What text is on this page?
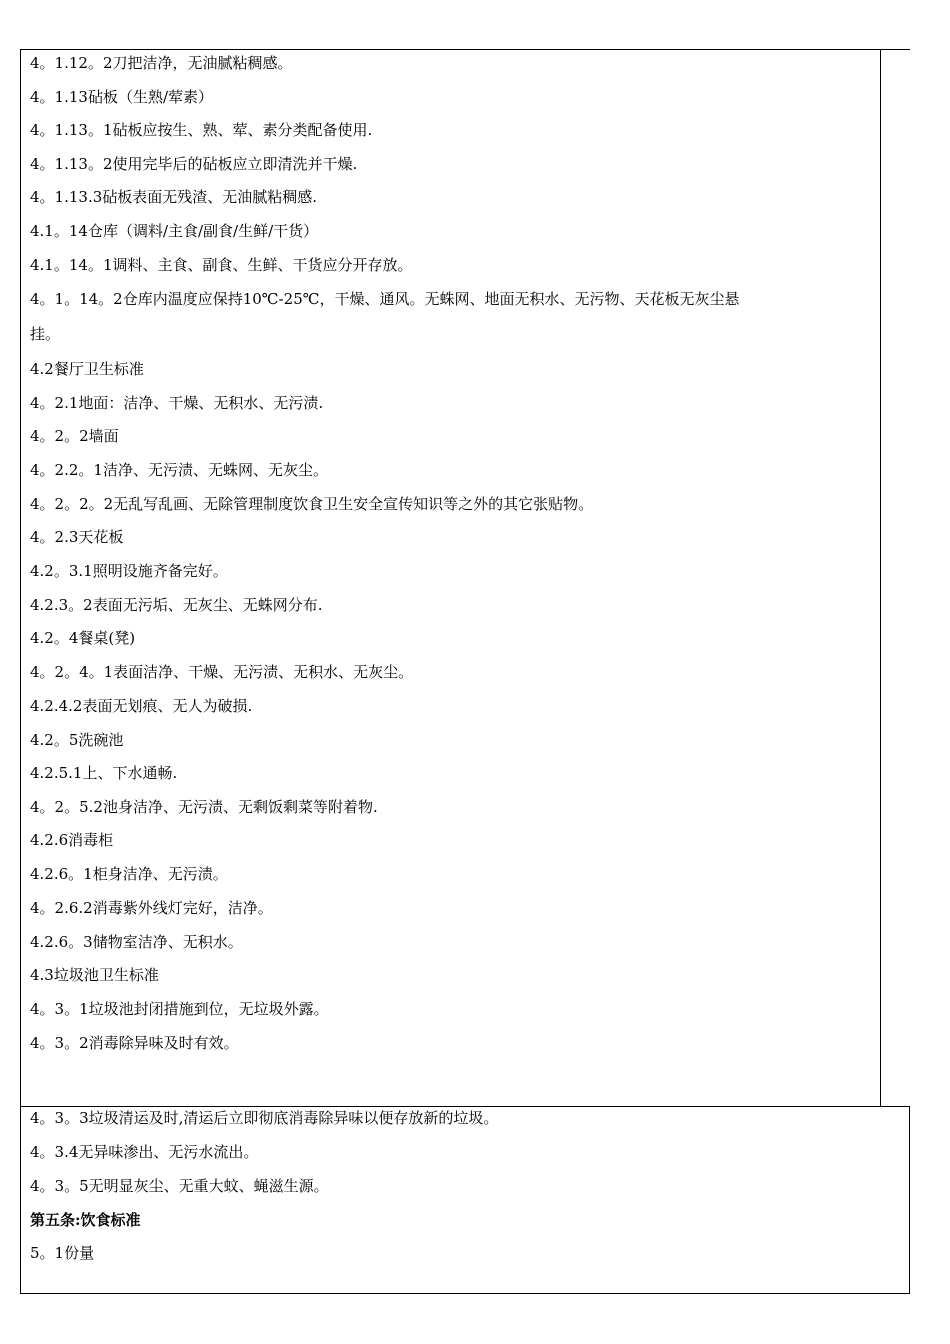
4。1.12。2刀把洁净，无油腻粘稠感。
4。1.13砧板（生熟/荤素）
4。1.13。1砧板应按生、熟、荤、素分类配备使用.
4。1.13。2使用完毕后的砧板应立即清洗并干燥.
4。1.13.3砧板表面无残渣、无油腻粘稠感.
4.1。14仓库（调料/主食/副食/生鲜/干货）
4.1。14。1调料、主食、副食、生鲜、干货应分开存放。
4。1。14。2仓库内温度应保持10℃-25℃，干燥、通风。无蛛网、地面无积水、无污物、天花板无灰尘悬
挂。
4.2餐厅卫生标准
4。2.1地面：洁净、干燥、无积水、无污渍.
4。2。2墙面
4。2.2。1洁净、无污渍、无蛛网、无灰尘。
4。2。2。2无乱写乱画、无除管理制度饮食卫生安全宣传知识等之外的其它张贴物。
4。2.3天花板
4.2。3.1照明设施齐备完好。
4.2.3。2表面无污垢、无灰尘、无蛛网分布.
4.2。4餐桌(凳)
4。2。4。1表面洁净、干燥、无污渍、无积水、无灰尘。
4.2.4.2表面无划痕、无人为破损.
4.2。5洗碗池
4.2.5.1上、下水通畅.
4。2。5.2池身洁净、无污渍、无剩饭剩菜等附着物.
4.2.6消毒柜
4.2.6。1柜身洁净、无污渍。
4。2.6.2消毒紫外线灯完好，洁净。
4.2.6。3储物室洁净、无积水。
4.3垃圾池卫生标准
4。3。1垃圾池封闭措施到位，无垃圾外露。
4。3。2消毒除异味及时有效。
4。3。3垃圾清运及时,清运后立即彻底消毒除异味以便存放新的垃圾。
4。3.4无异味渗出、无污水流出。
4。3。5无明显灰尘、无重大蚊、蝇滋生源。
第五条:饮食标准
5。1份量
